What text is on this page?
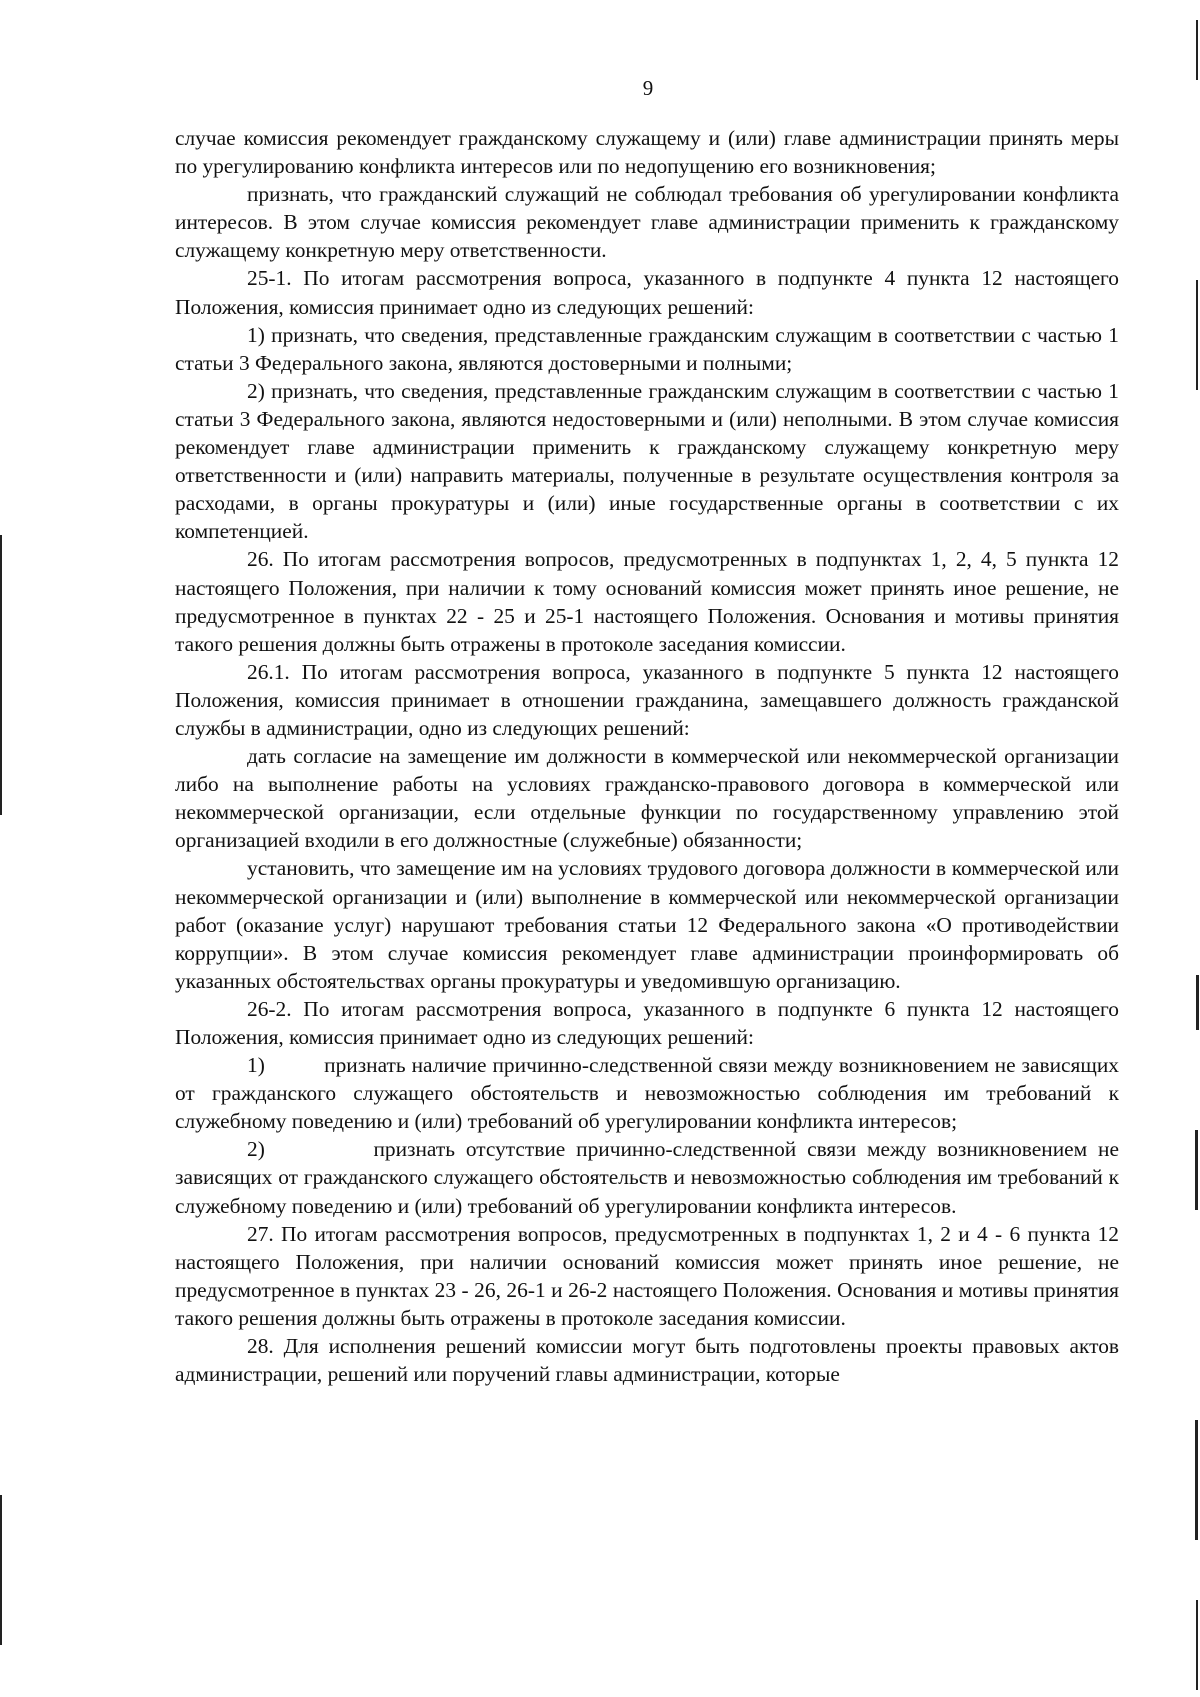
9

случае комиссия рекомендует гражданскому служащему и (или) главе администрации принять меры по урегулированию конфликта интересов или по недопущению его возникновения;

признать, что гражданский служащий не соблюдал требования об урегулировании конфликта интересов. В этом случае комиссия рекомендует главе администрации применить к гражданскому служащему конкретную меру ответственности.

25-1. По итогам рассмотрения вопроса, указанного в подпункте 4 пункта 12 настоящего Положения, комиссия принимает одно из следующих решений:

1) признать, что сведения, представленные гражданским служащим в соответствии с частью 1 статьи 3 Федерального закона, являются достоверными и полными;

2) признать, что сведения, представленные гражданским служащим в соответствии с частью 1 статьи 3 Федерального закона, являются недостоверными и (или) неполными. В этом случае комиссия рекомендует главе администрации применить к гражданскому служащему конкретную меру ответственности и (или) направить материалы, полученные в результате осуществления контроля за расходами, в органы прокуратуры и (или) иные государственные органы в соответствии с их компетенцией.

26. По итогам рассмотрения вопросов, предусмотренных в подпунктах 1, 2, 4, 5 пункта 12 настоящего Положения, при наличии к тому оснований комиссия может принять иное решение, не предусмотренное в пунктах 22 - 25 и 25-1 настоящего Положения. Основания и мотивы принятия такого решения должны быть отражены в протоколе заседания комиссии.

26.1. По итогам рассмотрения вопроса, указанного в подпункте 5 пункта 12 настоящего Положения, комиссия принимает в отношении гражданина, замещавшего должность гражданской службы в администрации, одно из следующих решений:

дать согласие на замещение им должности в коммерческой или некоммерческой организации либо на выполнение работы на условиях гражданско-правового договора в коммерческой или некоммерческой организации, если отдельные функции по государственному управлению этой организацией входили в его должностные (служебные) обязанности;

установить, что замещение им на условиях трудового договора должности в коммерческой или некоммерческой организации и (или) выполнение в коммерческой или некоммерческой организации работ (оказание услуг) нарушают требования статьи 12 Федерального закона «О противодействии коррупции». В этом случае комиссия рекомендует главе администрации проинформировать об указанных обстоятельствах органы прокуратуры и уведомившую организацию.

26-2. По итогам рассмотрения вопроса, указанного в подпункте 6 пункта 12 настоящего Положения, комиссия принимает одно из следующих решений:

1)          признать наличие причинно-следственной связи между возникновением не зависящих от гражданского служащего обстоятельств и невозможностью соблюдения им требований к служебному поведению и (или) требований об урегулировании конфликта интересов;

2)          признать отсутствие причинно-следственной связи между возникновением не зависящих от гражданского служащего обстоятельств и невозможностью соблюдения им требований к служебному поведению и (или) требований об урегулировании конфликта интересов.

27. По итогам рассмотрения вопросов, предусмотренных в подпунктах 1, 2 и 4 - 6 пункта 12 настоящего Положения, при наличии оснований комиссия может принять иное решение, не предусмотренное в пунктах 23 - 26, 26-1 и 26-2 настоящего Положения. Основания и мотивы принятия такого решения должны быть отражены в протоколе заседания комиссии.

28. Для исполнения решений комиссии могут быть подготовлены проекты правовых актов администрации, решений или поручений главы администрации, которые
